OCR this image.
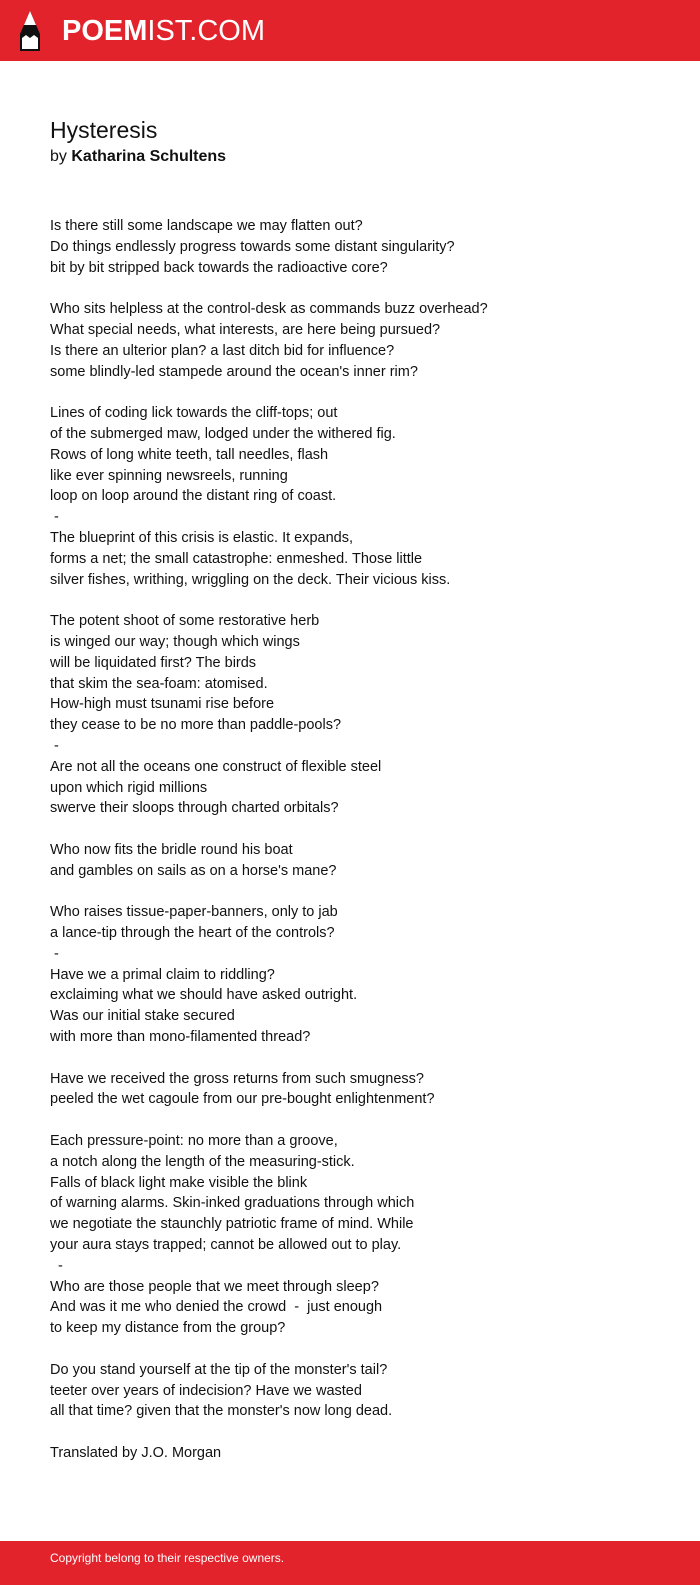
POEMIST.COM
Hysteresis
by Katharina Schultens
Is there still some landscape we may flatten out?
Do things endlessly progress towards some distant singularity?
bit by bit stripped back towards the radioactive core?
Who sits helpless at the control-desk as commands buzz overhead?
What special needs, what interests, are here being pursued?
Is there an ulterior plan? a last ditch bid for influence?
some blindly-led stampede around the ocean's inner rim?
Lines of coding lick towards the cliff-tops; out
of the submerged maw, lodged under the withered fig.
Rows of long white teeth, tall needles, flash
like ever spinning newsreels, running
loop on loop around the distant ring of coast.
-
The blueprint of this crisis is elastic. It expands,
forms a net; the small catastrophe: enmeshed. Those little
silver fishes, writhing, wriggling on the deck. Their vicious kiss.
The potent shoot of some restorative herb
is winged our way; though which wings
will be liquidated first? The birds
that skim the sea-foam: atomised.
How-high must tsunami rise before
they cease to be no more than paddle-pools?
-
Are not all the oceans one construct of flexible steel
upon which rigid millions
swerve their sloops through charted orbitals?
Who now fits the bridle round his boat
and gambles on sails as on a horse's mane?
Who raises tissue-paper-banners, only to jab
a lance-tip through the heart of the controls?
-
Have we a primal claim to riddling?
exclaiming what we should have asked outright.
Was our initial stake secured
with more than mono-filamented thread?
Have we received the gross returns from such smugness?
peeled the wet cagoule from our pre-bought enlightenment?
Each pressure-point: no more than a groove,
a notch along the length of the measuring-stick.
Falls of black light make visible the blink
of warning alarms. Skin-inked graduations through which
we negotiate the staunchly patriotic frame of mind. While
your aura stays trapped; cannot be allowed out to play.
-
Who are those people that we meet through sleep?
And was it me who denied the crowd  -  just enough
to keep my distance from the group?
Do you stand yourself at the tip of the monster's tail?
teeter over years of indecision? Have we wasted
all that time? given that the monster's now long dead.
Translated by J.O. Morgan
Copyright belong to their respective owners.
